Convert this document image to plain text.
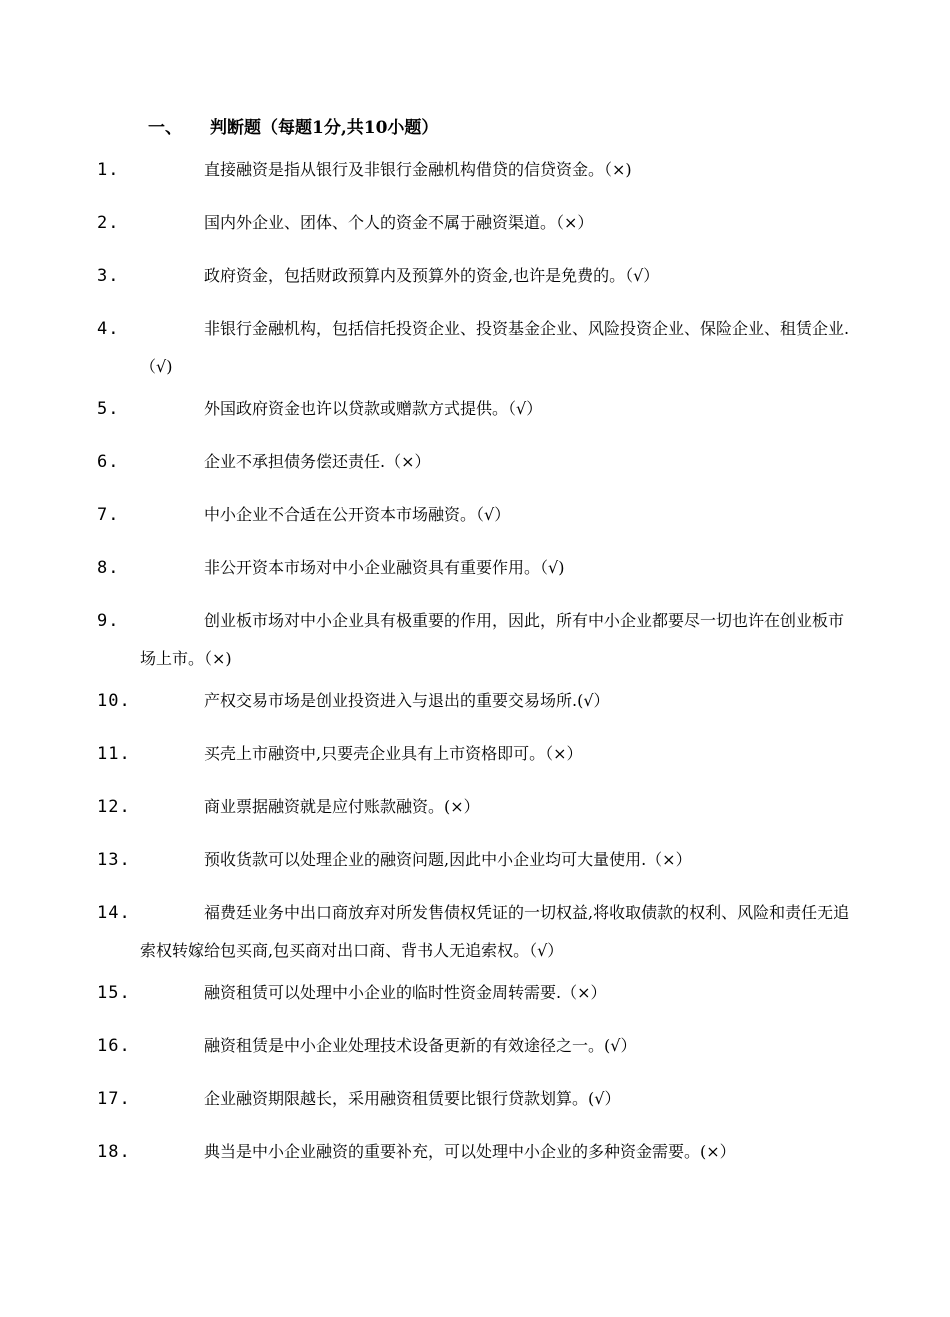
一、 判断题（每题1分,共10小题）
1.	直接融资是指从银行及非银行金融机构借贷的信贷资金。（×)
2.	国内外企业、团体、个人的资金不属于融资渠道。（×）
3.	政府资金，包括财政预算内及预算外的资金,也许是免费的。（√）
4.	非银行金融机构，包括信托投资企业、投资基金企业、风险投资企业、保险企业、租赁企业.（√)
5.	外国政府资金也许以贷款或赠款方式提供。（√）
6.	企业不承担债务偿还责任.（×）
7.	中小企业不合适在公开资本市场融资。（√）
8.	非公开资本市场对中小企业融资具有重要作用。（√)
9.	创业板市场对中小企业具有极重要的作用，因此，所有中小企业都要尽一切也许在创业板市场上市。（×)
10.	产权交易市场是创业投资进入与退出的重要交易场所.(√）
11.	买壳上市融资中,只要壳企业具有上市资格即可。（×）
12.	商业票据融资就是应付账款融资。(×）
13.	预收货款可以处理企业的融资问题,因此中小企业均可大量使用.（×）
14.	福费廷业务中出口商放弃对所发售债权凭证的一切权益,将收取债款的权利、风险和责任无追索权转嫁给包买商,包买商对出口商、背书人无追索权。（√）
15.	融资租赁可以处理中小企业的临时性资金周转需要.（×）
16.	融资租赁是中小企业处理技术设备更新的有效途径之一。(√）
17.	企业融资期限越长，采用融资租赁要比银行贷款划算。(√）
18.	典当是中小企业融资的重要补充，可以处理中小企业的多种资金需要。(×）
